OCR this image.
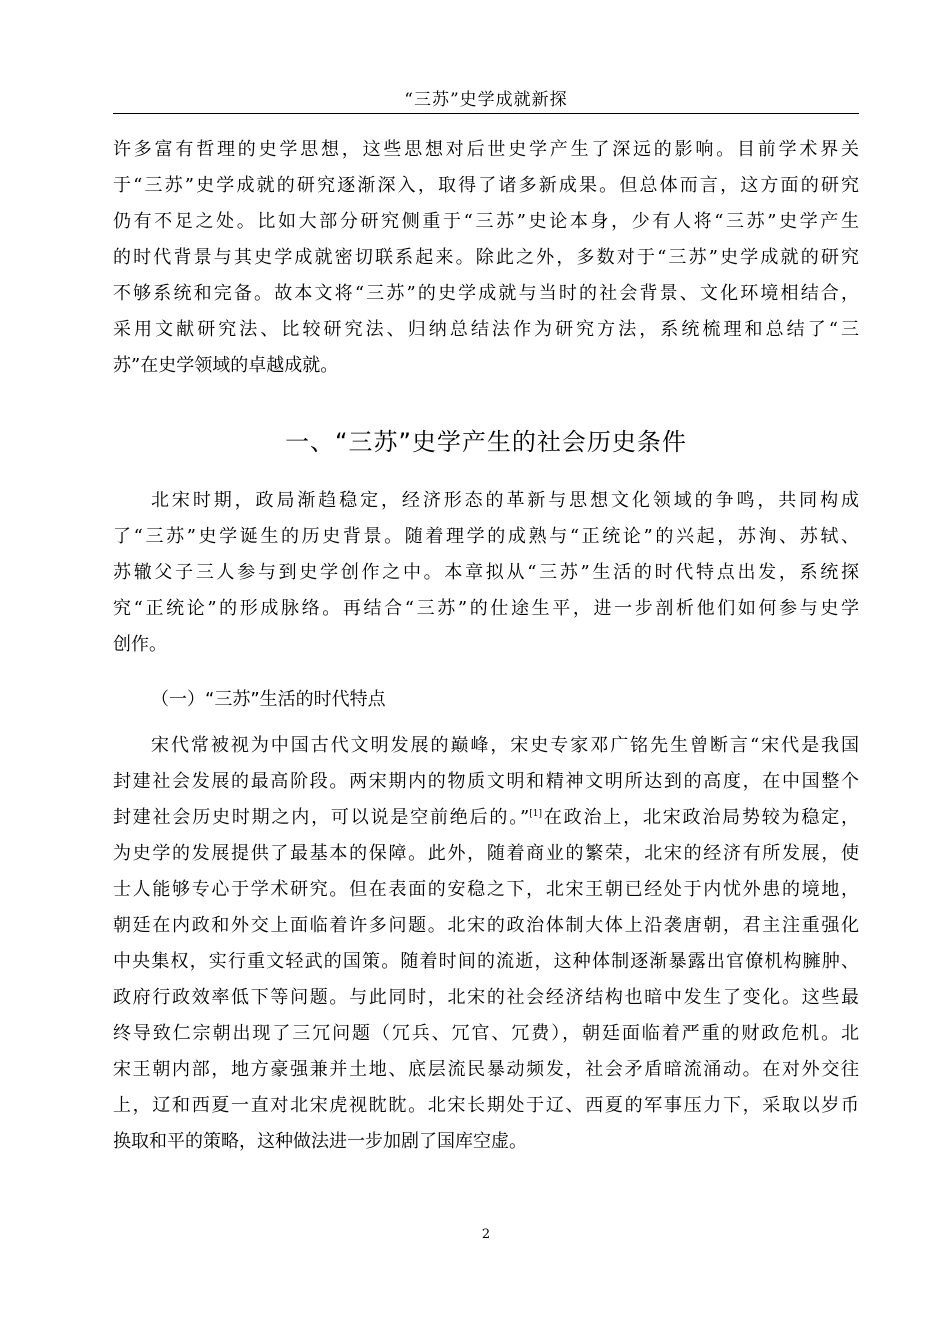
“三苏”史学成就新探
许多富有哲理的史学思想，这些思想对后世史学产生了深远的影响。目前学术界关
于“三苏”史学成就的研究逐渐深入，取得了诸多新成果。但总体而言，这方面的研究
仍有不足之处。比如大部分研究侧重于“三苏”史论本身，少有人将“三苏”史学产生
的时代背景与其史学成就密切联系起来。除此之外，多数对于“三苏”史学成就的研究
不够系统和完备。故本文将“三苏”的史学成就与当时的社会背景、文化环境相结合，
采用文献研究法、比较研究法、归纳总结法作为研究方法，系统梳理和总结了“三
苏”在史学领域的卓越成就。
一、“三苏”史学产生的社会历史条件
北宋时期，政局渐趋稳定，经济形态的革新与思想文化领域的争鸣，共同构成
了“三苏”史学诞生的历史背景。随着理学的成熟与“正统论”的兴起，苏洵、苏轼、
苏辙父子三人参与到史学创作之中。本章拟从“三苏”生活的时代特点出发，系统探
究“正统论”的形成脉络。再结合“三苏”的仕途生平，进一步剖析他们如何参与史学
创作。
（一）“三苏”生活的时代特点
宋代常被视为中国古代文明发展的巅峰，宋史专家邓广铭先生曾断言“宋代是我国
封建社会发展的最高阶段。两宋期内的物质文明和精神文明所达到的高度，在中国整个
封建社会历史时期之内，可以说是空前绝后的。”[1]在政治上，北宋政治局势较为稳定，
为史学的发展提供了最基本的保障。此外，随着商业的繁荣，北宋的经济有所发展，使
士人能够专心于学术研究。但在表面的安稳之下，北宋王朝已经处于内忧外患的境地，
朝廷在内政和外交上面临着许多问题。北宋的政治体制大体上沿袭唐朝，君主注重强化
中央集权，实行重文轻武的国策。随着时间的流逝，这种体制逐渐暴露出官僚机构臃肿、
政府行政效率低下等问题。与此同时，北宋的社会经济结构也暗中发生了变化。这些最
终导致仁宗朝出现了三冗问题（冗兵、冗官、冗费），朝廷面临着严重的财政危机。北
宋王朝内部，地方豪强兼并土地、底层流民暴动频发，社会矛盾暗流涌动。在对外交往
上，辽和西夏一直对北宋虎视眈眈。北宋长期处于辽、西夏的军事压力下，采取以岁币
换取和平的策略，这种做法进一步加剧了国库空虚。
2
